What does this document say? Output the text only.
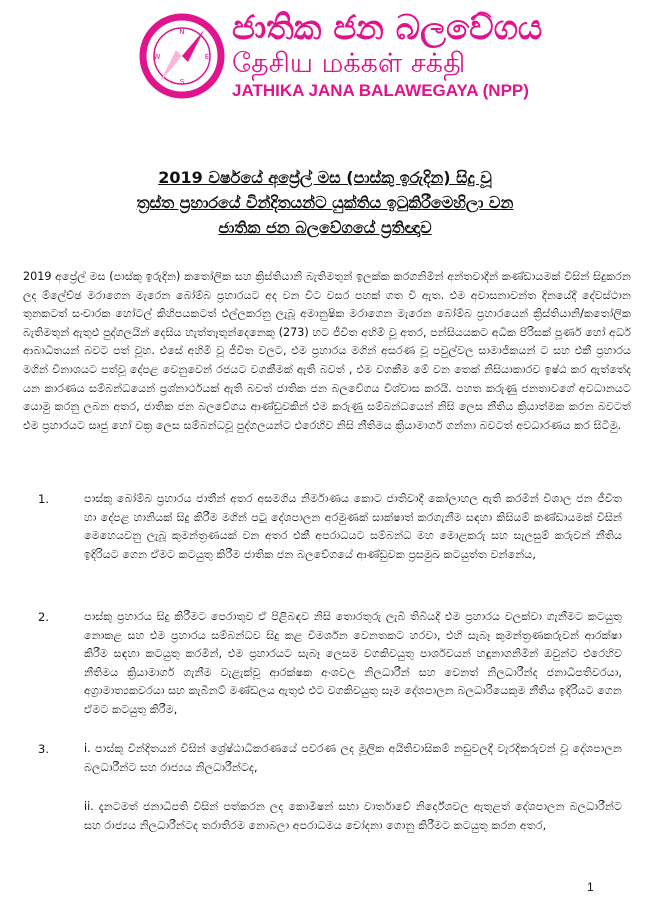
N
E
S
W
ජාතික ජන බලවේගය
தேசிய மக்கள் சக்தி
JATHIKA JANA BALAWEGAYA (NPP)
2019 වර්ෂයේ අප්‍රේල් මස (පාස්කු ඉරුදින) සිදු වූ
ත්‍රස්ත ප්‍රහාරයේ වින්දිතයන්ට යුක්තිය ඉටුකිරීමෙහිලා වන
ජාතික ජන බලවේගයේ ප්‍රතිඥාව
2019 අප්‍රේල් මස (පාස්කු ඉරුදින) කතෝලික සහ ක්‍රිස්තියානි බැතිමතුන් ඉලක්ක කරගනිමින් අන්තවාදීන් කණ්ඩායමක් විසින් සිදුකරන ලද ම්ලේච්ඡ මරාගෙන මැරෙන බෝම්බ ප්‍රහාරයට අද වන විට වසර පහක් ගත වී ඇත. එම අවාසනාවන්ත දිනයේදී දේවස්ථාන තුනකටත් සංචාරක හෝටල් කිහිපයකටත් එල්ලකරනු ලැබූ අමානුෂික මරාගෙන මැරෙන බෝම්බ ප්‍රහාරයෙන් ක්‍රිස්තියානි/කතෝලික බැතිමතුන් ඇතුළු පුද්ගලයින් දෙසිය හැත්තෑතුන්දෙනෙකු (273) හට ජීවිත අහිමි වූ අතර, පන්සියයකට අධික පිරිසක් පූර්ණ හෝ අර්ධ ආබාධිතයන් බවට පත් වූහ. එසේ අහිමි වූ ජීවිත වලට, එම ප්‍රහාරය මගින් අසරණ වූ පවුල්වල සාමාජිකයන් ට සහ එකී ප්‍රහාරය මගින් විනාශයට පත්වූ දේපළ වෙනුවෙන් රජයට වගකීමක් ඇති බවත් , එම වගකීම මේ වන තෙක් නිසියාකාරව ඉෂ්ඨ කර ඇත්තේද යන කාරණය සම්බන්ධයෙන් ප්‍රශ්නාර්ථයක් ඇති බවත් ජාතික ජන බලවේගය විශ්වාස කරයි. පහත කරුණු ජනතාවගේ අවධානයට යොමු කරනු ලබන අතර, ජාතික ජන බලවේගය ආණ්ඩුවකින් එම කරුණු සම්බන්ධයෙන් නිසි ලෙස නීතිය ක්‍රියාත්මක කරන බවටත් එම ප්‍රහාරයට සෘජු හෝ වක්‍ර ලෙස සම්බන්ධවූ පුද්ගලයන්ට එරෙහිව නිසි නීතිමය ක්‍රියාමාර්ග ගන්නා බවටත් අවධාරණය කර සිටිමු.
1.	පාස්කු බෝම්බ ප්‍රහාරය ජාතීන් අතර අසමගිය නිර්මාණය කොට ජාතිවාදී කෝලාහල ඇති කරමින් විශාල ජන ජීවිත හා දේපළ හානියක් සිදු කිරීම මගින් පටු දේශපාලන අරමුණක් සාක්ෂාත් කරගැනීම සඳහා කිසියම් කණ්ඩායමක් විසින් මෙහෙයවනු ලැබූ කුමන්ත්‍රණයක් වන අතර එකී අපරාධයට සම්බන්ධ මහ මොළකරු සහ සැලසුම් කරුවන් නීතිය ඉදිරියට ගෙන ඒමට කටයුතු කිරීම ජාතික ජන බලවේගයේ ආණ්ඩුවක ප්‍රසමුඛ කටයුත්ත වන්නේය,
2.	පාස්කු ප්‍රහාරය සිදු කිරීමට පෙරාතුව ඒ පිළිබඳව නිසි තොරතුරු ලැබී තිබියදී එම ප්‍රහාරය වලක්වා ගැනීමට කටයුතු නොකළ සහ එම ප්‍රහාරය සම්බන්ධව සිදු කළ විමර්ශන වෙනතකට හරවා, එහි සැබෑ කුමන්ත්‍රණකරුවන් ආරක්ෂා කිරීම සඳහා කටයුතු කරමින්, එම ප්‍රහාරයට සැබෑ ලෙසම වගකිවයුතු පාර්ශවයන් හඳුනාගනිමින් ඔවුන්ට එරෙහිව නීතිමය ක්‍රියාමාර්ග ගැනීම වැළැක්වූ ආරක්ෂක අංශවල නිලධාරීන් සහ වෙනත් නිලධාරීන්ද ජනාධිපතිවරයා, අග්‍රාමාත්‍යකවරයා සහ කැබිනට් මණ්ඩලය ඇතුළු එට වගකිවයුතු සෑම දේශපාලන බලධාරියෙකුම නීතිය ඉදිරියට ගෙන ඒමට කටයුතු කිරීම,
3.	i. පාස්කු වින්දිතයන් විසින් ශ්‍රේෂ්ඨාධිකරණයේ පවරණ ලද මූලික අයිතිවාසිකම් නඩුවලදී වැරදිකරුවන් වූ දේශපාලන බලධාරීන්ට සහ රාජ්‍යය නිලධාරීන්ටද,
ii. දැනටමත් ජනාධිපති විසින් පත්කරන ලද කොමිෂන් සභා වාර්තාවේ නිර්දේශවල ඇතුළත් දේශපාලන බලධාරීන්ට සහ රාජ්‍යය නිලධාරීන්ටද තරාතිරම නොබලා අපරාධමය චෝදනා ගොනු කිරීමට කටයුතු කරන අතර,
1
